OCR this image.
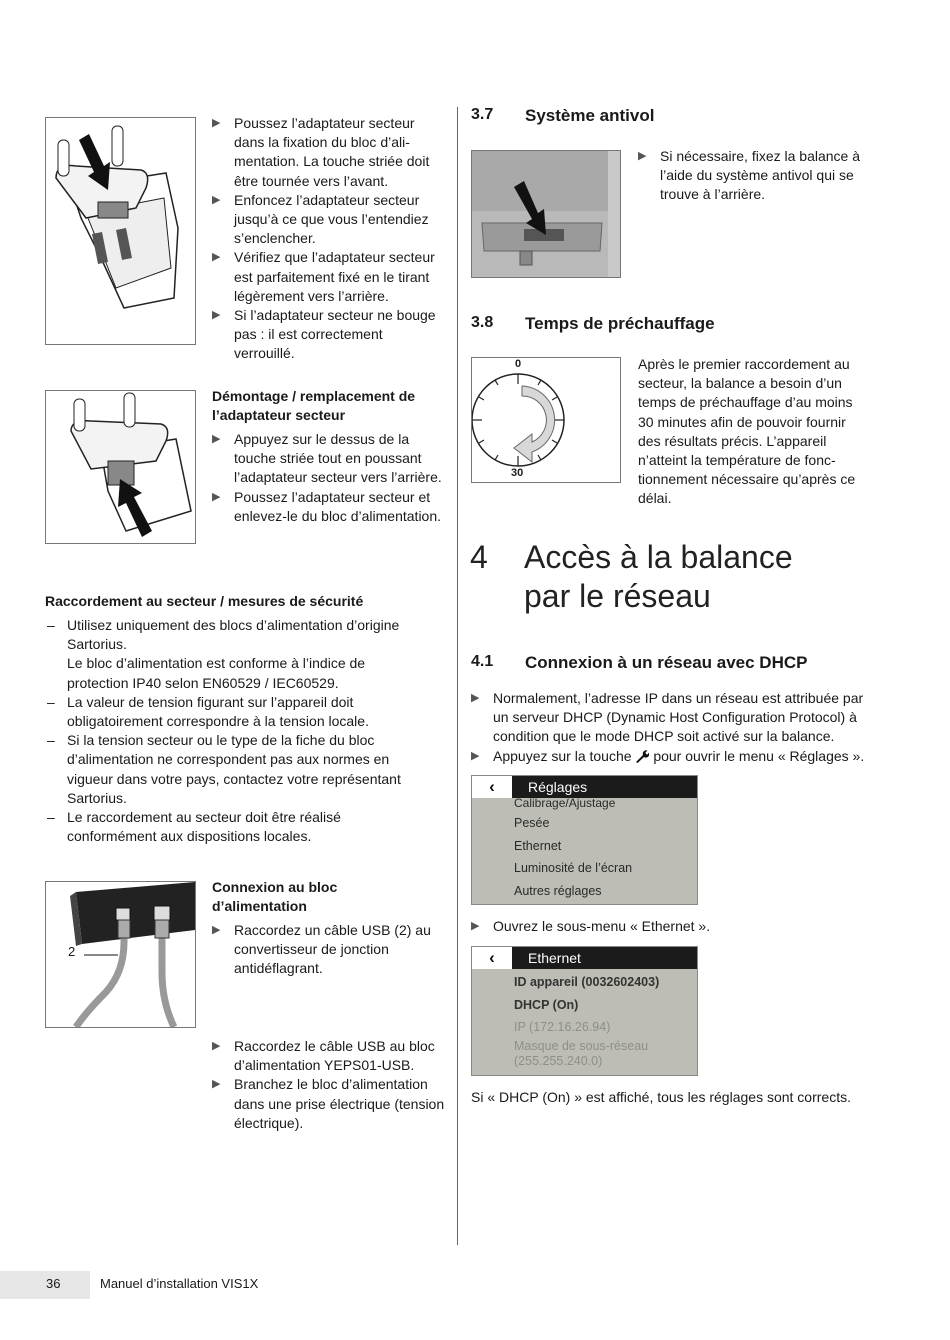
▶ Poussez l’adaptateur secteur dans la fixation du bloc d’alimentation. La touche striée doit être tournée vers l’avant.
▶ Enfoncez l’adaptateur secteur jusqu’à ce que vous l’entendiez s’enclencher.
▶ Vérifiez que l’adaptateur secteur est parfaitement fixé en le tirant légèrement vers l’arrière.
▶ Si l’adaptateur secteur ne bouge pas : il est correctement verrouillé.
Démontage / remplacement de l’adaptateur secteur
▶ Appuyez sur le dessus de la touche striée tout en poussant l’adaptateur secteur vers l’arrière.
▶ Poussez l’adaptateur secteur et enlevez-le du bloc d’alimentation.
Raccordement au secteur / mesures de sécurité
– Utilisez uniquement des blocs d’alimentation d’origine Sartorius.
Le bloc d’alimentation est conforme à l’indice de protection IP40 selon EN60529 / IEC60529.
– La valeur de tension figurant sur l’appareil doit obligatoirement correspondre à la tension locale.
– Si la tension secteur ou le type de la fiche du bloc d’alimentation ne correspondent pas aux normes en vigueur dans votre pays, contactez votre représentant Sartorius.
– Le raccordement au secteur doit être réalisé conformément aux dispositions locales.
2
Connexion au bloc d’alimentation
▶ Raccordez un câble USB (2) au convertisseur de jonction antidéflagrant.
▶ Raccordez le câble USB au bloc d’alimentation YEPS01-USB.
▶ Branchez le bloc d’alimentation dans une prise électrique (tension électrique).
3.7 Système antivol
▶ Si nécessaire, fixez la balance à l’aide du système antivol qui se trouve à l’arrière.
3.8 Temps de préchauffage
0
30
Après le premier raccordement au secteur, la balance a besoin d’un temps de préchauffage d’au moins 30 minutes afin de pouvoir fournir des résultats précis. L’appareil n’atteint la température de fonctionnement nécessaire qu’après ce délai.
4 Accès à la balance
par le réseau
4.1 Connexion à un réseau avec DHCP
▶ Normalement, l’adresse IP dans un réseau est attribuée par un serveur DHCP (Dynamic Host Configuration Protocol) à condition que le mode DHCP soit activé sur la balance.
▶ Appuyez sur la touche pour ouvrir le menu « Réglages ».
‹	Réglages
Calibrage/Ajustage
Pesée
Ethernet
Luminosité de l’écran
Autres réglages
▶ Ouvrez le sous-menu « Ethernet ».
‹	Ethernet
ID appareil (0032602403)
DHCP (On)
IP (172.16.26.94)
Masque de sous-réseau
(255.255.240.0)
Si « DHCP (On) » est affiché, tous les réglages sont corrects.
36	Manuel d’installation VIS1X
